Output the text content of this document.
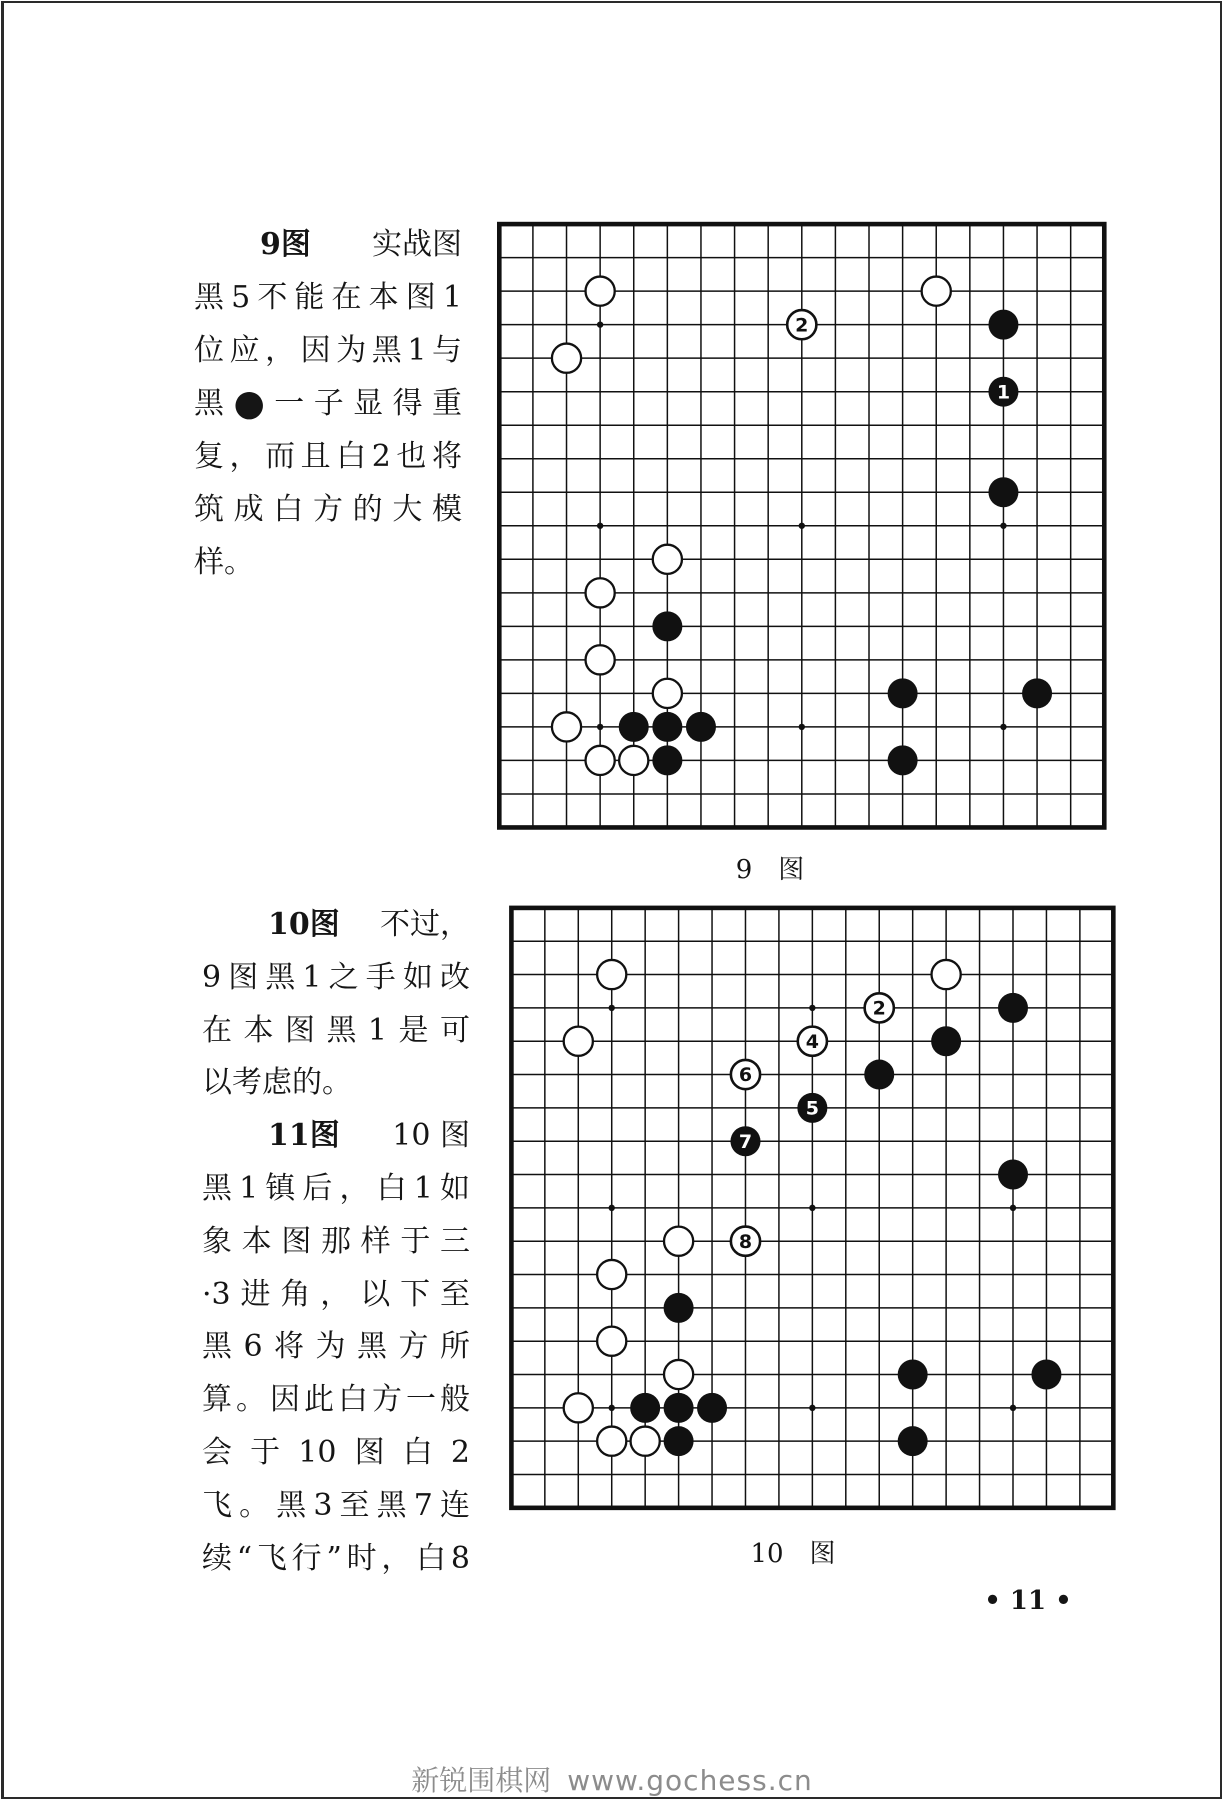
2
1
2
4
6
5
7
8
9图 实战图
黑5不能在本图1
位应，因为黑1与
黑●一子显得重
复，而且白2也将
筑成白方的大模
样。
10图 不过，
9图黑1之手如改
在本图黑1是可
以考虑的。
11图 10 图
黑1镇后，白1如
象本图那样于三
·3进角，以下至
黑6将为黑方所
算。因此白方一般
会于10图白2
飞。黑3至黑7连
续“飞行”时，白8
9　图
10　图
• 11 •
新锐围棋网 www.gochess.cn
